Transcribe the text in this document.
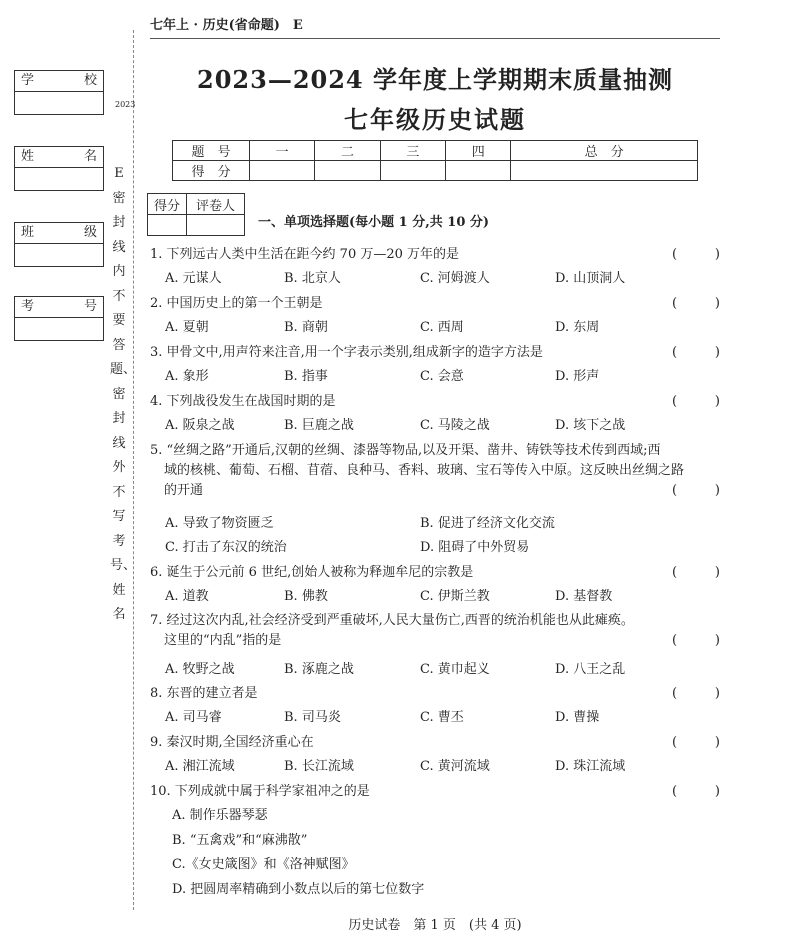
七年上 · 历史(省命题)　E
学	校
姓	名
班	级
考	号
2023
E密封线内不要答题、密封线外不写考号、姓名
2023—2024 学年度上学期期末质量抽测
七年级历史试题
题　号	一	二	三	四	总　分
得　分					
得分	评卷人

一、单项选择题(每小题 1 分,共 10 分)
1. 下列远古人类中生活在距今约 70 万—20 万年的是	(	)
A. 元谋人	B. 北京人	C. 河姆渡人	D. 山顶洞人
2. 中国历史上的第一个王朝是	(	)
A. 夏朝	B. 商朝	C. 西周	D. 东周
3. 甲骨文中,用声符来注音,用一个字表示类别,组成新字的造字方法是	(	)
A. 象形	B. 指事	C. 会意	D. 形声
4. 下列战役发生在战国时期的是	(	)
A. 阪泉之战	B. 巨鹿之战	C. 马陵之战	D. 垓下之战
5. “丝绸之路”开通后,汉朝的丝绸、漆器等物品,以及开渠、凿井、铸铁等技术传到西域;西
域的核桃、葡萄、石榴、苜蓿、良种马、香料、玻璃、宝石等传入中原。这反映出丝绸之路
的开通	(	)
A. 导致了物资匮乏	B. 促进了经济文化交流
C. 打击了东汉的统治	D. 阻碍了中外贸易
6. 诞生于公元前 6 世纪,创始人被称为释迦牟尼的宗教是	(	)
A. 道教	B. 佛教	C. 伊斯兰教	D. 基督教
7. 经过这次内乱,社会经济受到严重破坏,人民大量伤亡,西晋的统治机能也从此瘫痪。
这里的“内乱”指的是	(	)
A. 牧野之战	B. 涿鹿之战	C. 黄巾起义	D. 八王之乱
8. 东晋的建立者是	(	)
A. 司马睿	B. 司马炎	C. 曹丕	D. 曹操
9. 秦汉时期,全国经济重心在	(	)
A. 湘江流域	B. 长江流域	C. 黄河流域	D. 珠江流域
10. 下列成就中属于科学家祖冲之的是	(	)
A. 制作乐器琴瑟
B. “五禽戏”和“麻沸散”
C.《女史箴图》和《洛神赋图》
D. 把圆周率精确到小数点以后的第七位数字
历史试卷　第 1 页　(共 4 页)
